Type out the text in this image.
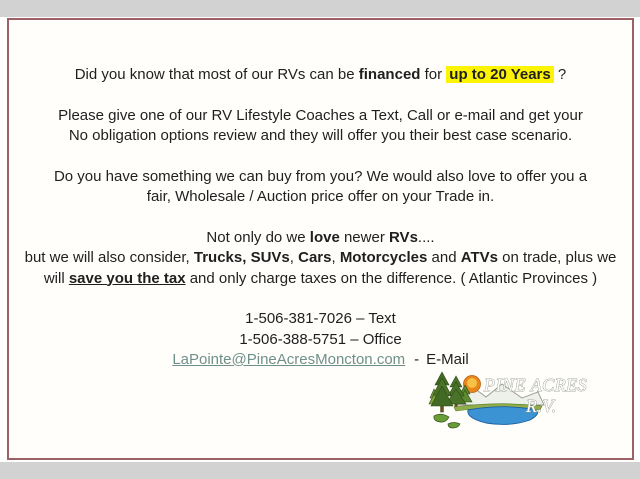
Did you know that most of our RVs can be financed for up to 20 Years ?

Please give one of our RV Lifestyle Coaches a Text, Call or e-mail and get your
No obligation options review and they will offer you their best case scenario.

Do you have something we can buy from you? We would also love to offer you a
fair, Wholesale / Auction price offer on your Trade in.

Not only do we love newer RVs....
but we will also consider, Trucks, SUVs, Cars, Motorcycles and ATVs on trade, plus we
will save you the tax and only charge taxes on the difference. ( Atlantic Provinces )

1-506-381-7026 – Text
1-506-388-5751 – Office
LaPointe@PineAcresMoncton.com - E-Mail

PINE ACRES
R.V.
